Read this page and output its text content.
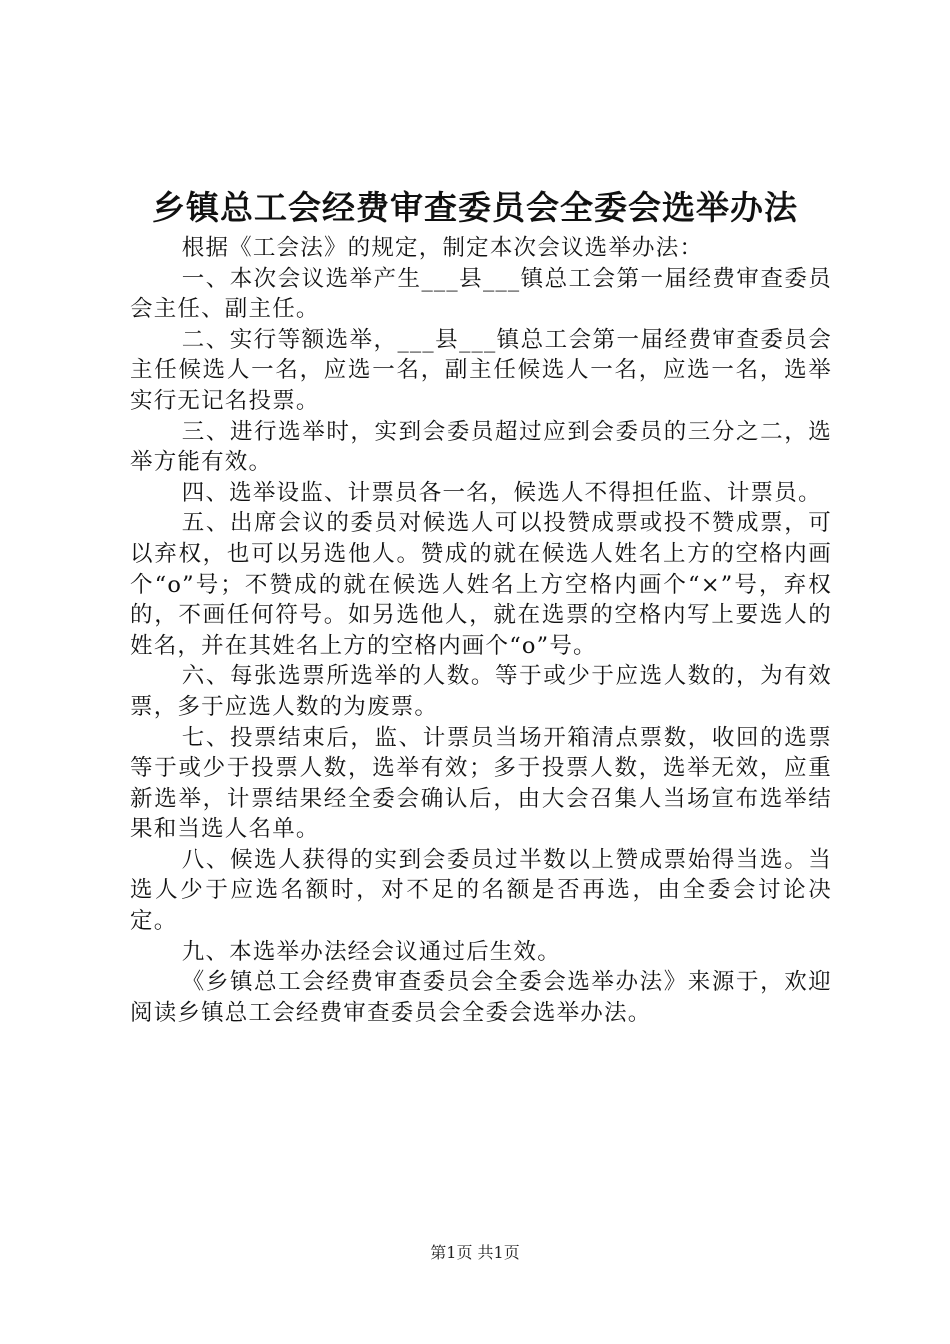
乡镇总工会经费审查委员会全委会选举办法

根据《工会法》的规定，制定本次会议选举办法：

一、本次会议选举产生___县___镇总工会第一届经费审查委员会主任、副主任。

二、实行等额选举，___县___镇总工会第一届经费审查委员会主任候选人一名，应选一名，副主任候选人一名，应选一名，选举实行无记名投票。

三、进行选举时，实到会委员超过应到会委员的三分之二，选举方能有效。

四、选举设监、计票员各一名，候选人不得担任监、计票员。

五、出席会议的委员对候选人可以投赞成票或投不赞成票，可以弃权，也可以另选他人。赞成的就在候选人姓名上方的空格内画个“o”号；不赞成的就在候选人姓名上方空格内画个“×”号，弃权的，不画任何符号。如另选他人，就在选票的空格内写上要选人的姓名，并在其姓名上方的空格内画个“o”号。

六、每张选票所选举的人数。等于或少于应选人数的，为有效票，多于应选人数的为废票。

七、投票结束后，监、计票员当场开箱清点票数，收回的选票等于或少于投票人数，选举有效；多于投票人数，选举无效，应重新选举，计票结果经全委会确认后，由大会召集人当场宣布选举结果和当选人名单。

八、候选人获得的实到会委员过半数以上赞成票始得当选。当选人少于应选名额时，对不足的名额是否再选，由全委会讨论决定。

九、本选举办法经会议通过后生效。

《乡镇总工会经费审查委员会全委会选举办法》来源于，欢迎阅读乡镇总工会经费审查委员会全委会选举办法。

第1页 共1页
